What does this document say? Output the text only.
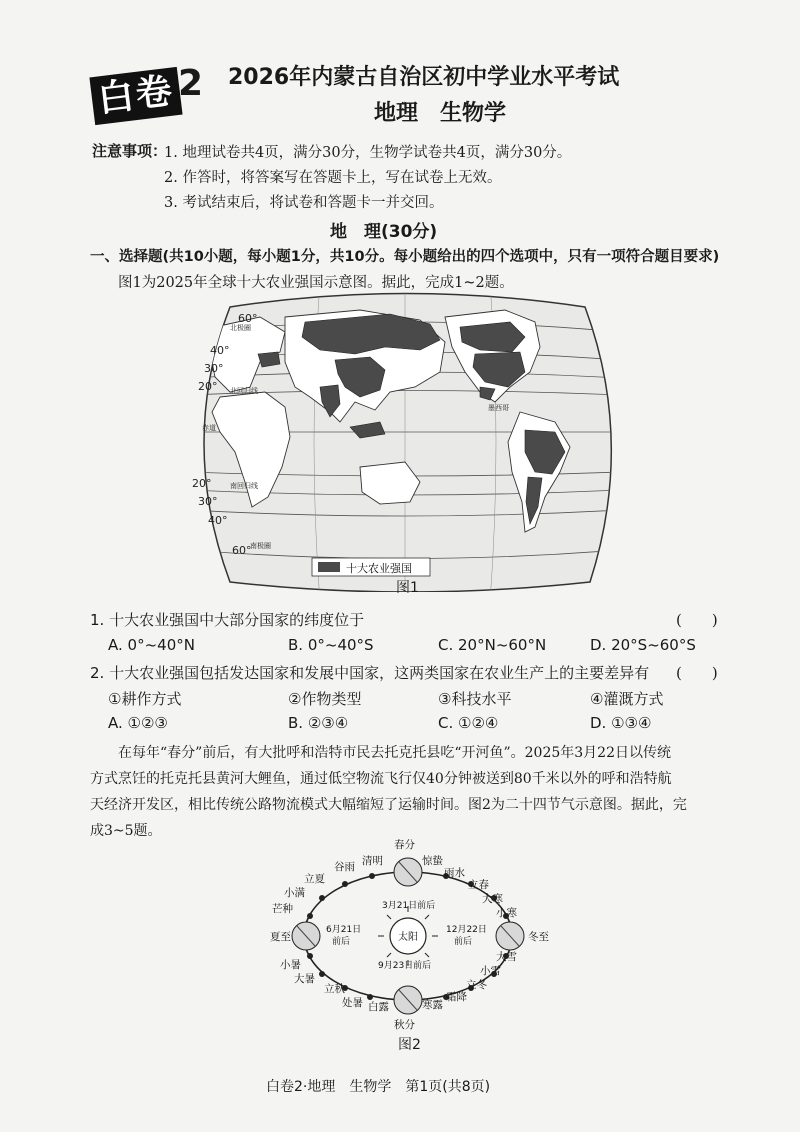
白卷 2 2026年内蒙古自治区初中学业水平考试
地理　生物学
注意事项：
1. 地理试卷共4页，满分30分，生物学试卷共4页，满分30分。
2. 作答时，将答案写在答题卡上，写在试卷上无效。
3. 考试结束后，将试卷和答题卡一并交回。
地　理(30分)
一、选择题(共10小题，每小题1分，共10分。每小题给出的四个选项中，只有一项符合题目要求)
图1为2025年全球十大农业强国示意图。据此，完成1~2题。
60°
40°
30°
20°
20°
30°
40°
60°
北极圈
北回归线
赤道
南回归线
南极圈
墨西哥
十大农业强国
图1
1. 十大农业强国中大部分国家的纬度位于	(　　)
A. 0°~40°N	B. 0°~40°S	C. 20°N~60°N	D. 20°S~60°S
2. 十大农业强国包括发达国家和发展中国家，这两类国家在农业生产上的主要差异有 (　　)
①耕作方式	②作物类型	③科技水平	④灌溉方式
A. ①②③	B. ②③④	C. ①②④	D. ①③④
在每年“春分”前后，有大批呼和浩特市民去托克托县吃“开河鱼”。2025年3月22日以传统
方式烹饪的托克托县黄河大鲤鱼，通过低空物流飞行仅40分钟被送到80千米以外的呼和浩特航
天经济开发区，相比传统公路物流模式大幅缩短了运输时间。图2为二十四节气示意图。据此，完
成3~5题。
太阳
3月21日前后
6月21日
前后
12月22日
前后
9月23日前后
春分
惊蛰
雨水
立春
大寒
小寒
冬至
大雪
小雪
立冬
霜降
寒露
秋分
白露
处暑
立秋
大暑
小暑
夏至
芒种
小满
立夏
谷雨 清明
图2
白卷2·地理　生物学　第1页(共8页)
